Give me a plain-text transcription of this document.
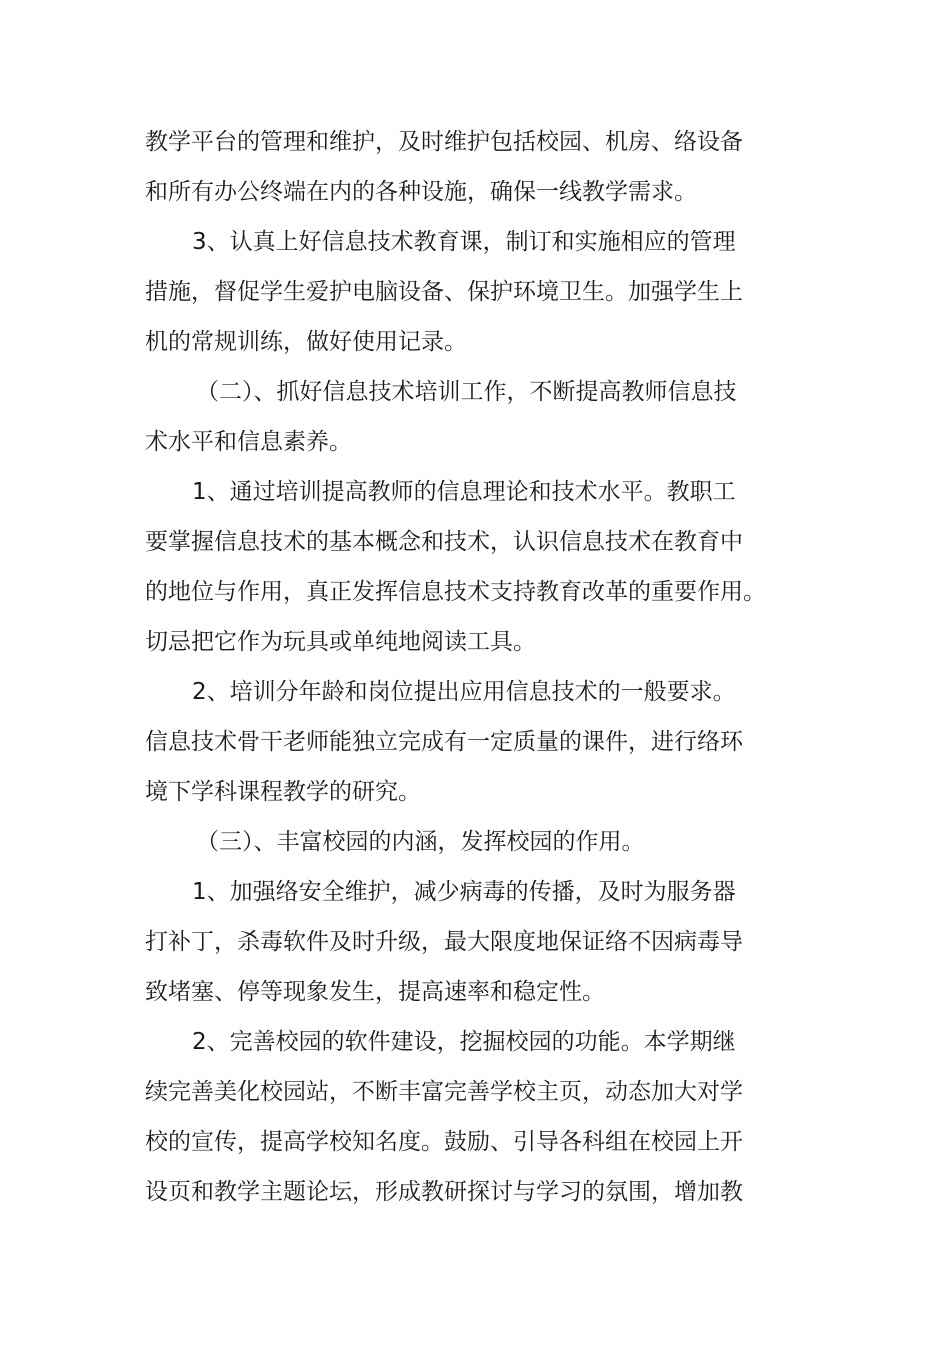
教学平台的管理和维护，及时维护包括校园、机房、络设备
和所有办公终端在内的各种设施，确保一线教学需求。
3、认真上好信息技术教育课，制订和实施相应的管理
措施，督促学生爱护电脑设备、保护环境卫生。加强学生上
机的常规训练，做好使用记录。
（二）、抓好信息技术培训工作，不断提高教师信息技
术水平和信息素养。
1、通过培训提高教师的信息理论和技术水平。教职工
要掌握信息技术的基本概念和技术，认识信息技术在教育中
的地位与作用，真正发挥信息技术支持教育改革的重要作用。
切忌把它作为玩具或单纯地阅读工具。
2、培训分年龄和岗位提出应用信息技术的一般要求。
信息技术骨干老师能独立完成有一定质量的课件，进行络环
境下学科课程教学的研究。
（三）、丰富校园的内涵，发挥校园的作用。
1、加强络安全维护，减少病毒的传播，及时为服务器
打补丁，杀毒软件及时升级，最大限度地保证络不因病毒导
致堵塞、停等现象发生，提高速率和稳定性。
2、完善校园的软件建设，挖掘校园的功能。本学期继
续完善美化校园站，不断丰富完善学校主页，动态加大对学
校的宣传，提高学校知名度。鼓励、引导各科组在校园上开
设页和教学主题论坛，形成教研探讨与学习的氛围，增加教
